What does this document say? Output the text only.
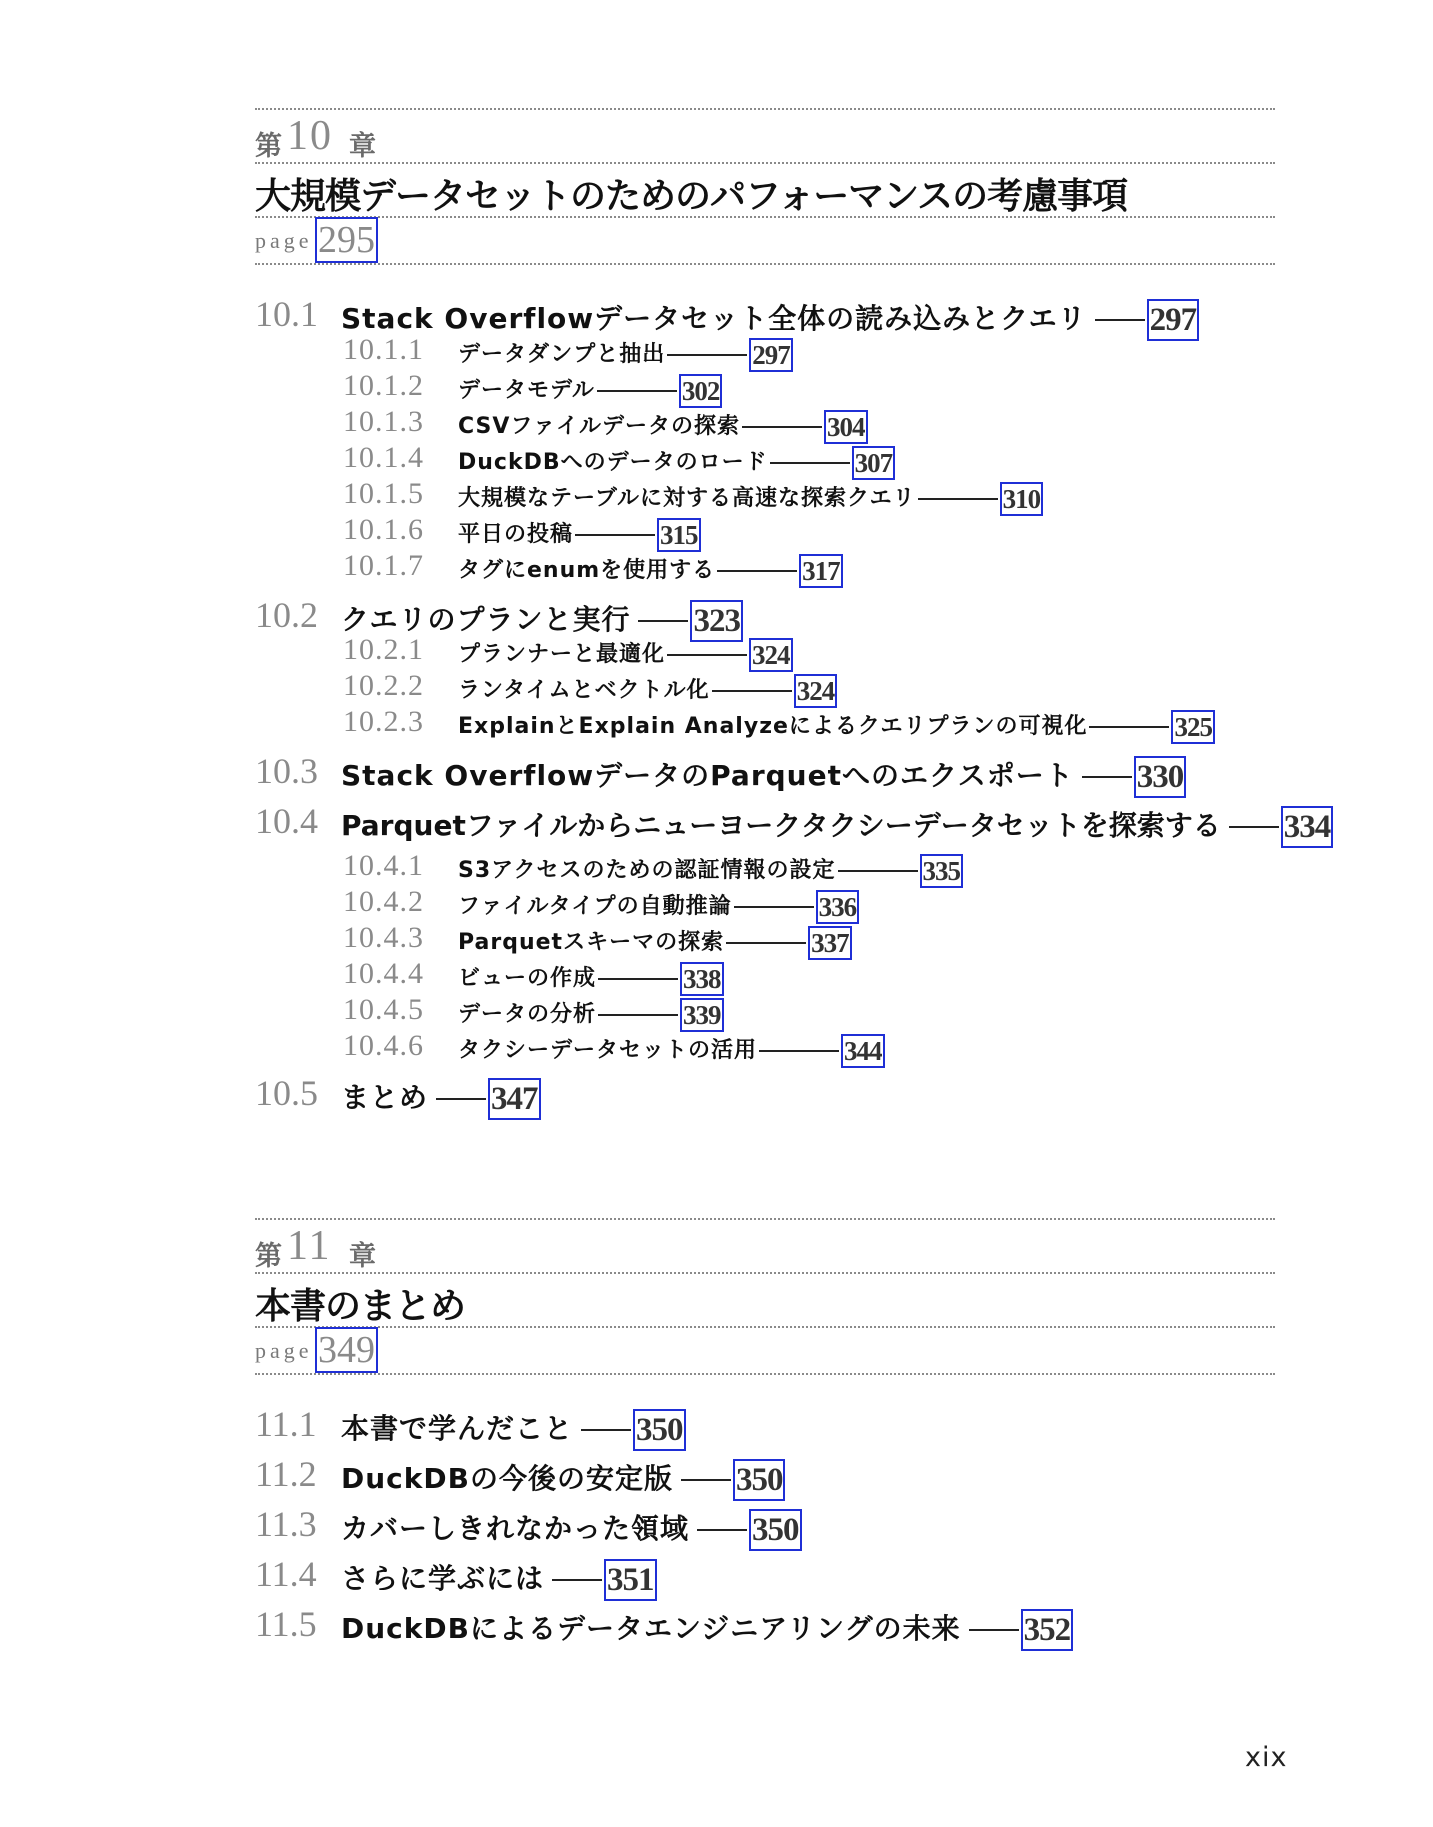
第 10 章
大規模データセットのためのパフォーマンスの考慮事項
page 295
10.1 Stack Overflowデータセット全体の読み込みとクエリ 297
10.1.1 データダンプと抽出	297
10.1.2 データモデル	302
10.1.3 CSVファイルデータの探索	304
10.1.4 DuckDBへのデータのロード	307
10.1.5 大規模なテーブルに対する高速な探索クエリ	310
10.1.6 平日の投稿	315
10.1.7 タグにenumを使用する	317
10.2 クエリのプランと実行 323
10.2.1 プランナーと最適化	324
10.2.2 ランタイムとベクトル化	324
10.2.3 ExplainとExplain Analyzeによるクエリプランの可視化	325
10.3 Stack OverflowデータのParquetへのエクスポート 330
10.4 Parquetファイルからニューヨークタクシーデータセットを探索する 334
10.4.1 S3アクセスのための認証情報の設定	335
10.4.2 ファイルタイプの自動推論	336
10.4.3 Parquetスキーマの探索	337
10.4.4 ビューの作成	338
10.4.5 データの分析	339
10.4.6 タクシーデータセットの活用	344
10.5 まとめ 347
第 11 章
本書のまとめ
page 349
11.1 本書で学んだこと 350
11.2 DuckDBの今後の安定版 350
11.3 カバーしきれなかった領域 350
11.4 さらに学ぶには 351
11.5 DuckDBによるデータエンジニアリングの未来 352
xix
